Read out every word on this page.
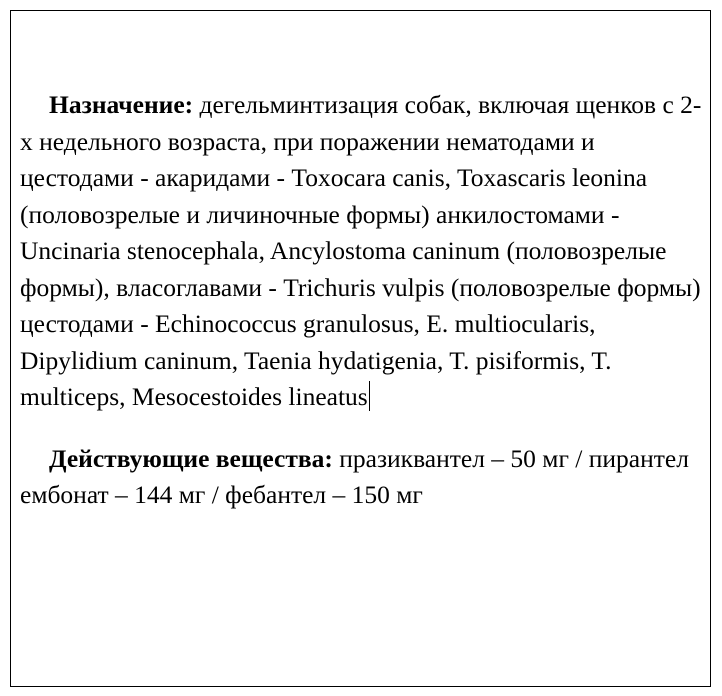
Назначение: дегельминтизация собак, включая щенков с 2-х недельного возраста, при поражении нематодами и цестодами - акаридами - Toxocara canis, Toxascaris leonina (половозрелые и личиночные формы) анкилостомами - Uncinaria stenocephala, Ancylostoma caninum (половозрелые формы), власоглавами - Trichuris vulpis (половозрелые формы) цестодами - Echinococcus granulosus, E. multiocularis, Dipylidium caninum, Taenia hydatigenia, T. pisiformis, T. multiceps, Mesocestoides lineatus

Действующие вещества: празиквантел – 50 мг / пирантел ембонат – 144 мг / фебантел – 150 мг
